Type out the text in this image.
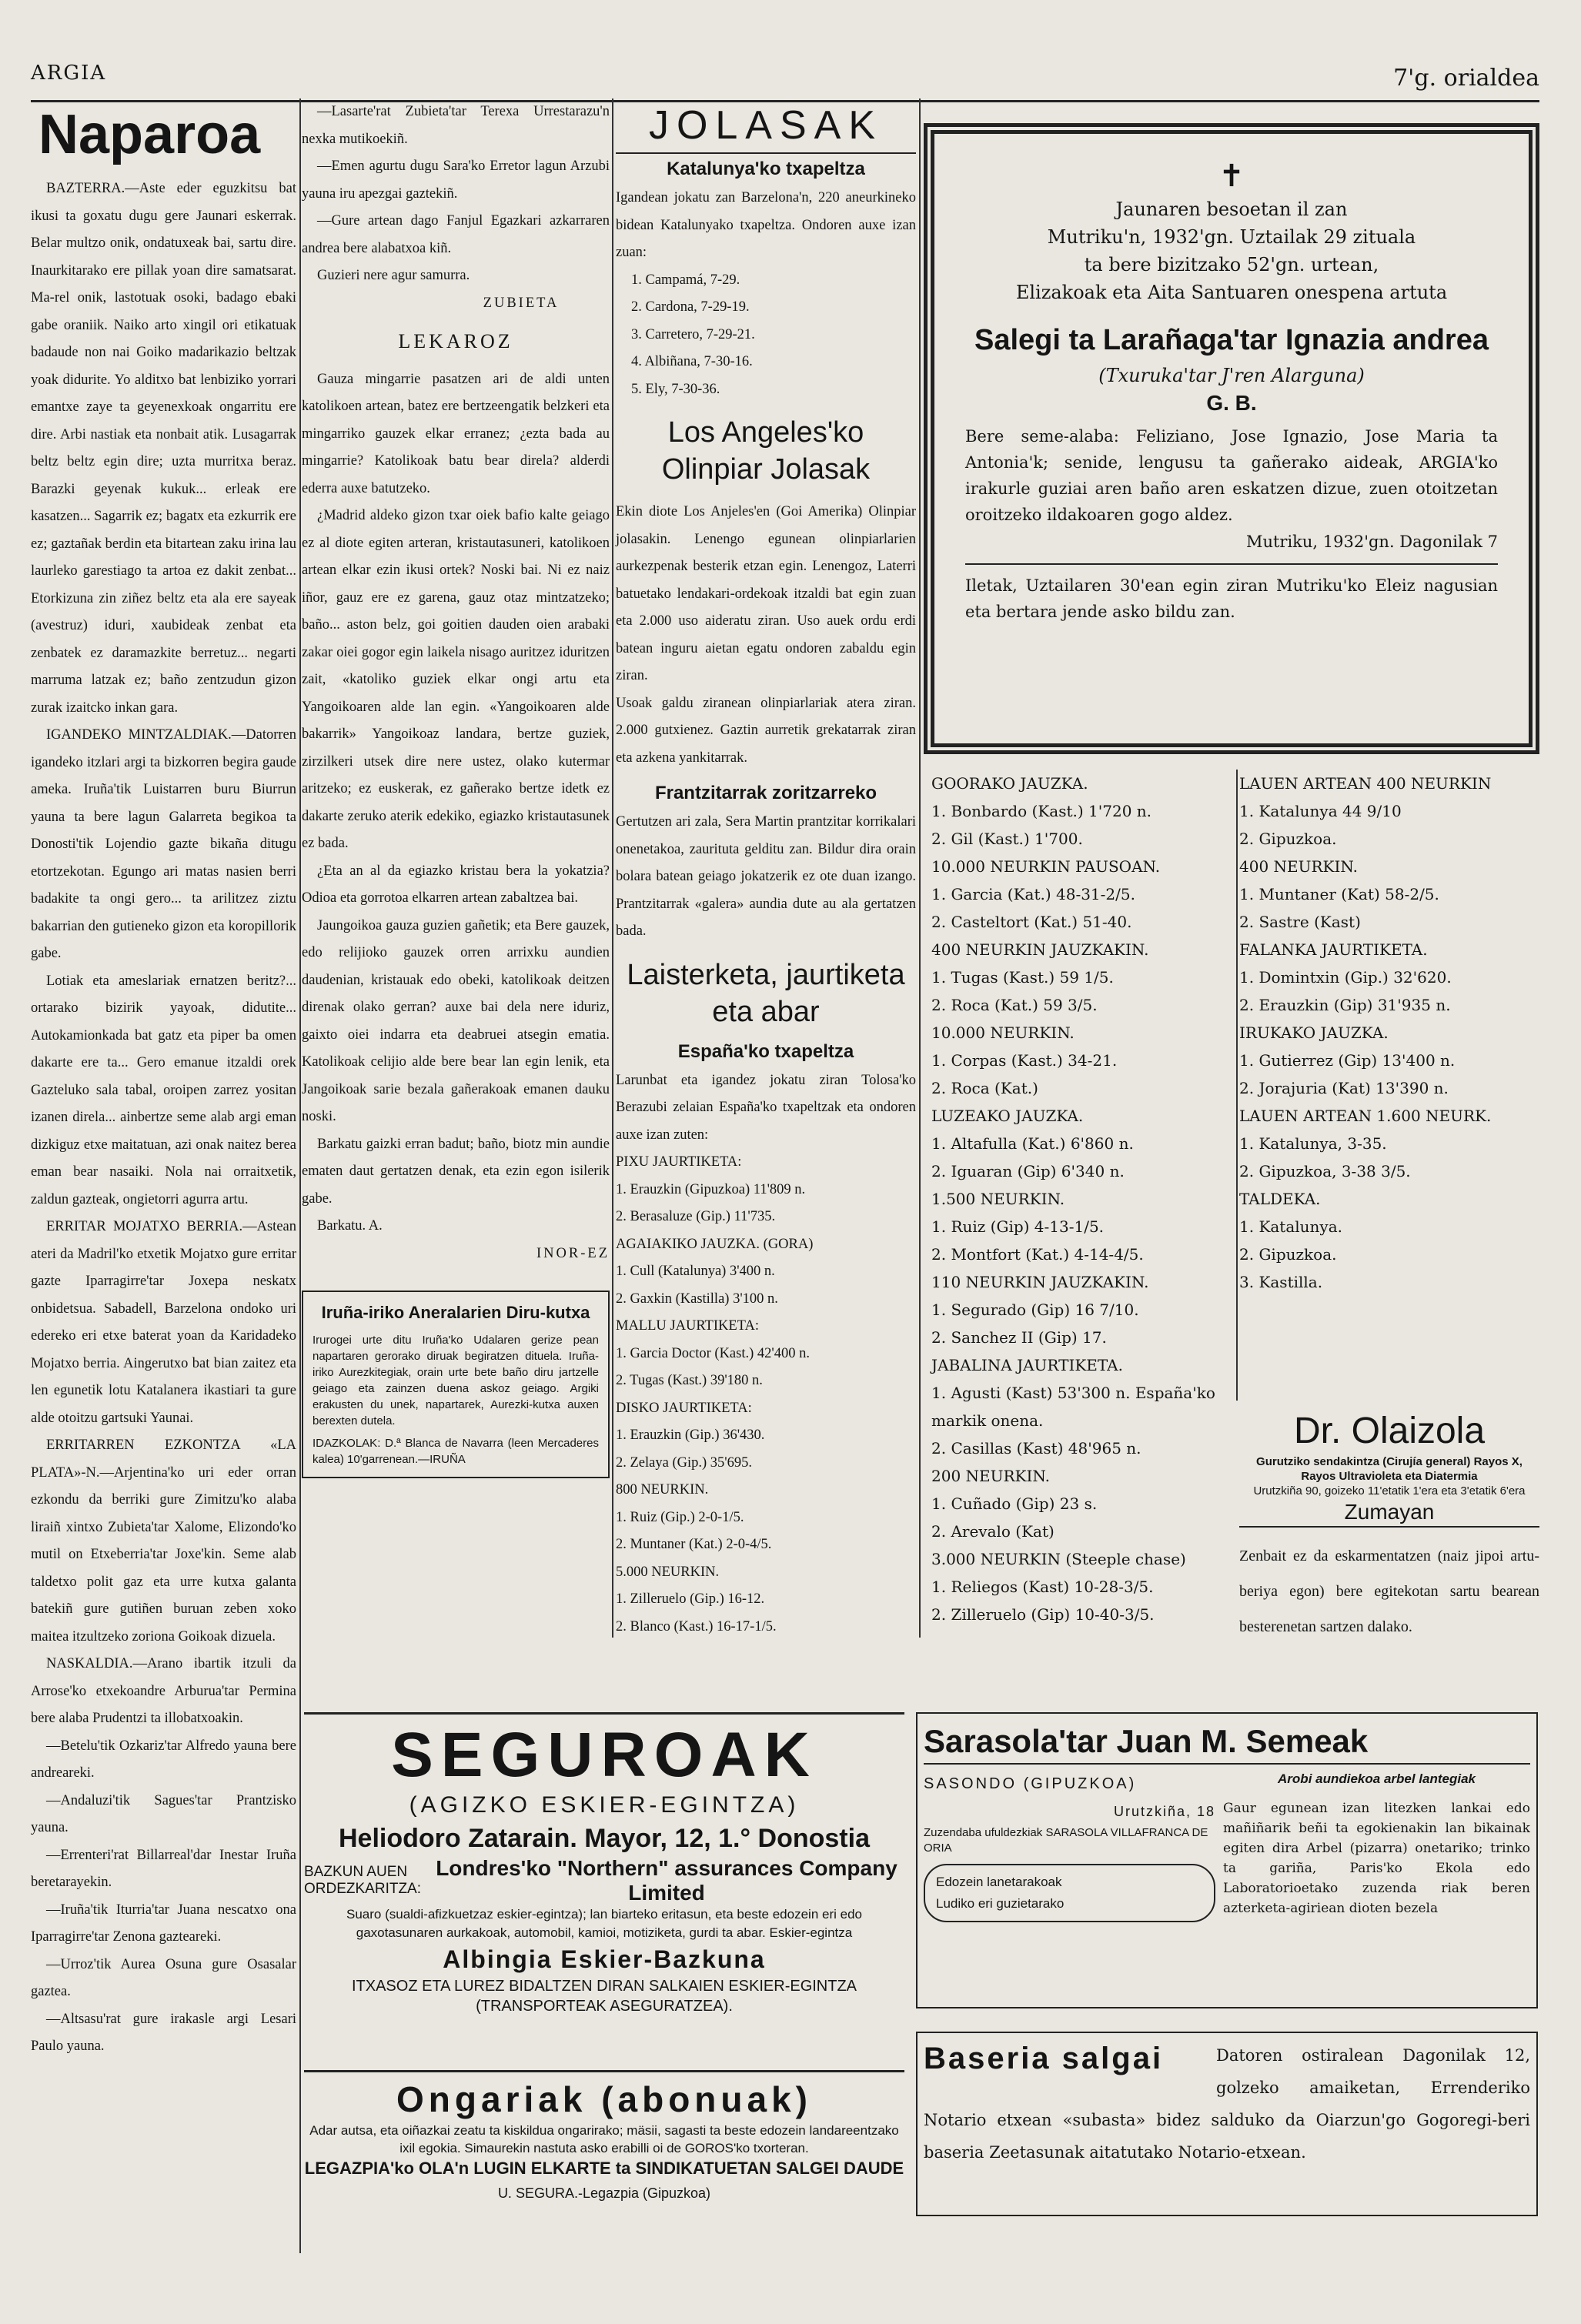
ARGIA	7'g. orialdea
Naparoa

BAZTERRA.—Aste eder eguzkitsu bat ikusi ta goxatu dugu gere Jaunari eskerrak. Belar multzo onik, ondatuxeak bai, sartu dire. Inaurkitarako ere pillak yoan dire samatsarat. Ma-rel onik, lastotuak osoki, badago ebaki gabe oraniik. Naiko arto xingil ori etikatuak badaude non nai Goiko madarikazio beltzak yoak didurite. Yo alditxo bat lenbiziko yorrari emantxe zaye ta geyenexkoak ongarritu ere dire. Arbi nastiak eta nonbait atik. Lusagarrak beltz beltz egin dire; uzta murritxa beraz. Barazki geyenak kukuk... erleak ere kasatzen... Sagarrik ez; bagatx eta ezkurrik ere ez; gaztañak berdin eta bitartean zaku irina lau laurleko garestiago ta artoa ez dakit zenbat... Etorkizuna zin ziñez beltz eta ala ere sayeak (avestruz) iduri, xaubideak zenbat eta zenbatek ez daramazkite berretuz... negarti marruma latzak ez; baño zentzudun gizon zurak izaitcko inkan gara.

IGANDEKO MINTZALDIAK.—Datorren igandeko itzlari argi ta bizkorren begira gaude ameka. Iruña'tik Luistarren buru Biurrun yauna ta bere lagun Galarreta begikoa ta Donosti'tik Lojendio gazte bikaña ditugu etortzekotan. Egungo ari matas nasien berri badakite ta ongi gero... ta arilitzez ziztu bakarrian den gutieneko gizon eta koropillorik gabe.

Lotiak eta ameslariak ernatzen beritz?... ortarako bizirik yayoak, didutite... Autokamionkada bat gatz eta piper ba omen dakarte ere ta... Gero emanue itzaldi orek Gazteluko sala tabal, oroipen zarrez yositan izanen direla... ainbertze seme alab argi eman dizkiguz etxe maitatuan, azi onak naitez berea eman bear nasaiki. Nola nai orraitxetik, zaldun gazteak, ongietorri agurra artu.

ERRITAR MOJATXO BERRIA.—Astean ateri da Madril'ko etxetik Mojatxo gure erritar gazte Iparragirre'tar Joxepa neskatx onbidetsua. Sabadell, Barzelona ondoko uri edereko eri etxe baterat yoan da Karidadeko Mojatxo berria. Aingerutxo bat bian zaitez eta len egunetik lotu Katalanera ikastiari ta gure alde otoitzu gartsuki Yaunai.

ERRITARREN EZKONTZA «LA PLATA»-N.—Arjentina'ko uri eder orran ezkondu da berriki gure Zimitzu'ko alaba liraiñ xintxo Zubieta'tar Xalome, Elizondo'ko mutil on Etxeberria'tar Joxe'kin. Seme alab taldetxo polit gaz eta urre kutxa galanta batekiñ gure gutiñen buruan zeben xoko maitea itzultzeko zoriona Goikoak dizuela.

NASKALDIA.—Arano ibartik itzuli da Arrose'ko etxekoandre Arburua'tar Permina bere alaba Prudentzi ta illobatxoakin.

—Betelu'tik Ozkariz'tar Alfredo yauna bere andreareki.

—Andaluzi'tik Sagues'tar Prantzisko yauna.

—Errenteri'rat Billarreal'dar Inestar Iruña beretarayekin.

—Iruña'tik Iturria'tar Juana nescatxo ona Iparragirre'tar Zenona gazteareki.

—Urroz'tik Aurea Osuna gure Osasalar gaztea.

—Altsasu'rat gure irakasle argi Lesari Paulo yauna.

—Lasarte'rat Zubieta'tar Terexa Urrestarazu'n nexka mutikoekiñ.

—Emen agurtu dugu Sara'ko Erretor lagun Arzubi yauna iru apezgai gaztekiñ.

—Gure artean dago Fanjul Egazkari azkarraren andrea bere alabatxoa kiñ.

Guzieri nere agur samurra.

ZUBIETA

LEKAROZ

Gauza mingarrie pasatzen ari de aldi unten katolikoen artean, batez ere bertzeengatik belzkeri eta mingarriko gauzek elkar erranez; ¿ezta bada au mingarrie? Katolikoak batu bear direla? alderdi ederra auxe batutzeko.

¿Madrid aldeko gizon txar oiek bafio kalte geiago ez al diote egiten arteran, kristautasuneri, katolikoen artean elkar ezin ikusi ortek? Noski bai. Ni ez naiz iñor, gauz ere ez garena, gauz otaz mintzatzeko; baño... aston belz, goi goitien dauden oien arabaki zakar oiei gogor egin laikela nisago auritzez iduritzen zait, «katoliko guziek elkar ongi artu eta Yangoikoaren alde lan egin. «Yangoikoaren alde bakarrik» Yangoikoaz landara, bertze guziek, zirzilkeri utsek dire nere ustez, olako kutermar aritzeko; ez euskerak, ez gañerako bertze idetk ez dakarte zeruko aterik edekiko, egiazko kristautasunek ez bada.

¿Eta an al da egiazko kristau bera la yokatzia? Odioa eta gorrotoa elkarren artean zabaltzea bai.

Jaungoikoa gauza guzien gañetik; eta Bere gauzek, edo relijioko gauzek orren arrixku aundien daudenian, kristauak edo obeki, katolikoak deitzen direnak olako gerran? auxe bai dela nere iduriz, gaixto oiei indarra eta deabruei atsegin ematia. Katolikoak celijio alde bere bear lan egin lenik, eta Jangoikoak sarie bezala gañerakoak emanen dauku noski.

Barkatu gaizki erran badut; baño, biotz min aundie ematen daut gertatzen denak, eta ezin egon isilerik gabe.

Barkatu. A.

INOR-EZ

Iruña-iriko Aneralarien Diru-kutxa

Irurogei urte ditu Iruña'ko Udalaren gerize pean napartaren gerorako diruak begiratzen dituela. Iruña-iriko Aurezkitegiak, orain urte bete baño diru jartzelle geiago eta zainzen duena askoz geiago. Argiki erakusten du unek, napartarek, Aurezki-kutxa auxen berexten dutela.

IDAZKOLAK: D.ª Blanca de Navarra (leen Mercaderes kalea) 10'garrenean.—IRUÑA

JOLASAK
Katalunya'ko txapeltza

Igandean jokatu zan Barzelona'n, 220 aneurkineko bidean Katalunyako txapeltza. Ondoren auxe izan zuan:

1. Campamá, 7-29.

2. Cardona, 7-29-19.

3. Carretero, 7-29-21.

4. Albiñana, 7-30-16.

5. Ely, 7-30-36.

Los Angeles'ko Olinpiar Jolasak

Ekin diote Los Anjeles'en (Goi Amerika) Olinpiar jolasakin. Lenengo egunean olinpiarlarien aurkezpenak besterik etzan egin. Lenengoz, Laterri batuetako lendakari-ordekoak itzaldi bat egin zuan eta 2.000 uso aideratu ziran. Uso auek ordu erdi batean inguru aietan egatu ondoren zabaldu egin ziran.

Usoak galdu ziranean olinpiarlariak atera ziran. 2.000 gutxienez. Gaztin aurretik grekatarrak ziran eta azkena yankitarrak.

Frantzitarrak zoritzarreko

Gertutzen ari zala, Sera Martin prantzitar korrikalari onenetakoa, zaurituta gelditu zan. Bildur dira orain bolara batean geiago jokatzerik ez ote duan izango. Prantzitarrak «galera» aundia dute au ala gertatzen bada.

Laisterketa, jaurtiketa eta abar
España'ko txapeltza

Larunbat eta igandez jokatu ziran Tolosa'ko Berazubi zelaian España'ko txapeltzak eta ondoren auxe izan zuten:

PIXU JAURTIKETA:

1. Erauzkin (Gipuzkoa) 11'809 n.

2. Berasaluze (Gip.) 11'735.

AGAIAKIKO JAUZKA. (GORA)

1. Cull (Katalunya) 3'400 n.

2. Gaxkin (Kastilla) 3'100 n.

MALLU JAURTIKETA:

1. Garcia Doctor (Kast.) 42'400 n.

2. Tugas (Kast.) 39'180 n.

DISKO JAURTIKETA:

1. Erauzkin (Gip.) 36'430.

2. Zelaya (Gip.) 35'695.

800 NEURKIN.

1. Ruiz (Gip.) 2-0-1/5.

2. Muntaner (Kat.) 2-0-4/5.

5.000 NEURKIN.

1. Zilleruelo (Gip.) 16-12.

2. Blanco (Kast.) 16-17-1/5.

✝

Jaunaren besoetan il zan

Mutriku'n, 1932'gn. Uztailak 29 zituala

ta bere bizitzako 52'gn. urtean,

Elizakoak eta Aita Santuaren onespena artuta

Salegi ta Larañaga'tar Ignazia andrea

(Txuruka'tar J'ren Alarguna)

G. B.

Bere seme-alaba: Feliziano, Jose Ignazio, Jose Maria ta Antonia'k; senide, lengusu ta gañerako aideak, ARGIA'ko irakurle guziai aren baño aren eskatzen dizue, zuen otoitzetan oroitzeko ildakoaren gogo aldez.

Mutriku, 1932'gn. Dagonilak 7

Iletak, Uztailaren 30'ean egin ziran Mutriku'ko Eleiz nagusian eta bertara jende asko bildu zan.

GOORAKO JAUZKA.

1. Bonbardo (Kast.) 1'720 n.

2. Gil (Kast.) 1'700.

10.000 NEURKIN PAUSOAN.

1. Garcia (Kat.) 48-31-2/5.

2. Casteltort (Kat.) 51-40.

400 NEURKIN JAUZKAKIN.

1. Tugas (Kast.) 59 1/5.

2. Roca (Kat.) 59 3/5.

10.000 NEURKIN.

1. Corpas (Kast.) 34-21.

2. Roca (Kat.)

LUZEAKO JAUZKA.

1. Altafulla (Kat.) 6'860 n.

2. Iguaran (Gip) 6'340 n.

1.500 NEURKIN.

1. Ruiz (Gip) 4-13-1/5.

2. Montfort (Kat.) 4-14-4/5.

110 NEURKIN JAUZKAKIN.

1. Segurado (Gip) 16 7/10.

2. Sanchez II (Gip) 17.

JABALINA JAURTIKETA.

1. Agusti (Kast) 53'300 n. España'ko markik onena.

2. Casillas (Kast) 48'965 n.

200 NEURKIN.

1. Cuñado (Gip) 23 s.

2. Arevalo (Kat)

3.000 NEURKIN (Steeple chase)

1. Reliegos (Kast) 10-28-3/5.

2. Zilleruelo (Gip) 10-40-3/5.

LAUEN ARTEAN 400 NEURKIN

1. Katalunya 44 9/10

2. Gipuzkoa.

400 NEURKIN.

1. Muntaner (Kat) 58-2/5.

2. Sastre (Kast)

FALANKA JAURTIKETA.

1. Domintxin (Gip.) 32'620.

2. Erauzkin (Gip) 31'935 n.

IRUKAKO JAUZKA.

1. Gutierrez (Gip) 13'400 n.

2. Jorajuria (Kat) 13'390 n.

LAUEN ARTEAN 1.600 NEURK.

1. Katalunya, 3-35.

2. Gipuzkoa, 3-38 3/5.

TALDEKA.

1. Katalunya.

2. Gipuzkoa.

3. Kastilla.

Dr. Olaizola

Gurutziko sendakintza (Cirujía general) Rayos X, Rayos Ultravioleta eta Diatermia

Urutzkiña 90, goizeko 11'etatik 1'era eta 3'etatik 6'era

Zumayan

Zenbait ez da eskarmentatzen (naiz jipoi artu-beriya egon) bere egitekotan sartu bearean besterenetan sartzen dalako.

SEGUROAK
(AGIZKO ESKIER-EGINTZA)
Heliodoro Zatarain. Mayor, 12, 1.° Donostia
BAZKUN AUEN ORDEZKARITZA:
Londres'ko "Northern" assurances Company Limited

Suaro (sualdi-afizkuetzaz eskier-egintza); lan biarteko eritasun, eta beste edozein eri edo gaxotasunaren aurkakoak, automobil, kamioi, motiziketa, gurdi ta abar. Eskier-egintza

Albingia Eskier-Bazkuna

ITXASOZ ETA LUREZ BIDALTZEN DIRAN SALKAIEN ESKIER-EGINTZA (TRANSPORTEAK ASEGURATZEA).

Ongariak (abonuak)

Adar autsa, eta oiñazkai zeatu ta kiskildua ongarirako; mäsii, sagasti ta beste edozein landareentzako ixil egokia. Simaurekin nastuta asko erabilli oi de GOROS'ko txorteran.

LEGAZPIA'ko OLA'n LUGIN ELKARTE ta SINDIKATUETAN SALGEI DAUDE

U. SEGURA.-Legazpia (Gipuzkoa)

Sarasola'tar Juan M. Semeak

SASONDO (GIPUZKOA)

Urutzkiña, 18

Zuzendaba ufuldezkiak SARASOLA VILLAFRANCA DE ORIA

Edozein lanetarakoak

Ludiko eri guzietarako

Arobi aundiekoa arbel lantegiak

Gaur egunean izan litezken lankai edo mañiñarik beñi ta egokienakin lan bikainak egiten dira Arbel (pizarra) onetariko; trinko ta gariña, Paris'ko Ekola edo Laboratorioetako zuzenda riak beren azterketa-agiriean dioten bezela

Baseria salgai	Datoren ostiralean Dagonilak 12, golzeko amaiketan, Errenderiko Notario etxean «subasta» bidez salduko da Oiarzun'go Gogoregi-beri baseria Zeetasunak aitatutako Notario-etxean.
